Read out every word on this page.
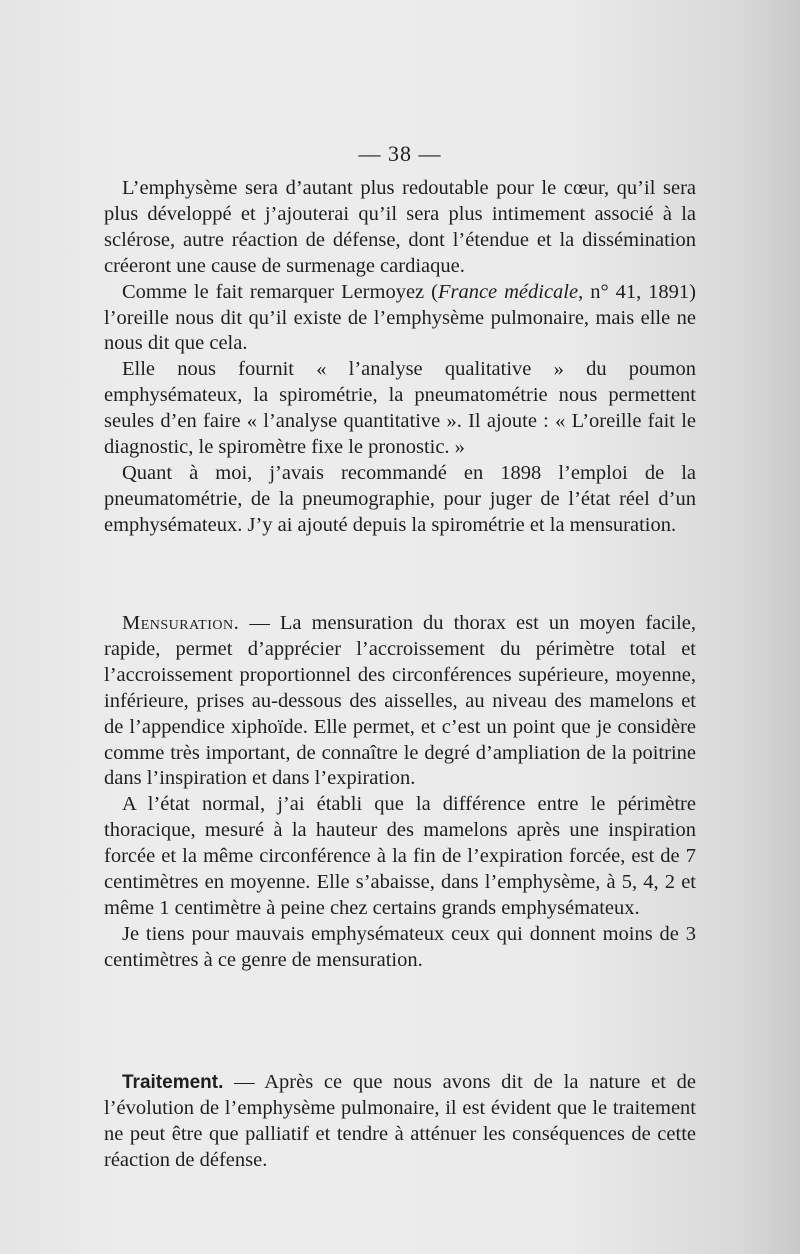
— 38 —

L’emphysème sera d’autant plus redoutable pour le cœur, qu’il sera plus développé et j’ajouterai qu’il sera plus intimement associé à la sclérose, autre réaction de défense, dont l’étendue et la dissémination créeront une cause de surmenage cardiaque.

Comme le fait remarquer Lermoyez (France médicale, n° 41, 1891) l’oreille nous dit qu’il existe de l’emphysème pulmonaire, mais elle ne nous dit que cela.

Elle nous fournit « l’analyse qualitative » du poumon emphysémateux, la spirométrie, la pneumatométrie nous permettent seules d’en faire « l’analyse quantitative ». Il ajoute : « L’oreille fait le diagnostic, le spiromètre fixe le pronostic. »

Quant à moi, j’avais recommandé en 1898 l’emploi de la pneumatométrie, de la pneumographie, pour juger de l’état réel d’un emphysémateux. J’y ai ajouté depuis la spirométrie et la mensuration.

Mensuration. — La mensuration du thorax est un moyen facile, rapide, permet d’apprécier l’accroissement du périmètre total et l’accroissement proportionnel des circonférences supérieure, moyenne, inférieure, prises au-dessous des aisselles, au niveau des mamelons et de l’appendice xiphoïde. Elle permet, et c’est un point que je considère comme très important, de connaître le degré d’ampliation de la poitrine dans l’inspiration et dans l’expiration.

A l’état normal, j’ai établi que la différence entre le périmètre thoracique, mesuré à la hauteur des mamelons après une inspiration forcée et la même circonférence à la fin de l’expiration forcée, est de 7 centimètres en moyenne. Elle s’abaisse, dans l’emphysème, à 5, 4, 2 et même 1 centimètre à peine chez certains grands emphysémateux.

Je tiens pour mauvais emphysémateux ceux qui donnent moins de 3 centimètres à ce genre de mensuration.

Traitement. — Après ce que nous avons dit de la nature et de l’évolution de l’emphysème pulmonaire, il est évident que le traitement ne peut être que palliatif et tendre à atténuer les conséquences de cette réaction de défense.
